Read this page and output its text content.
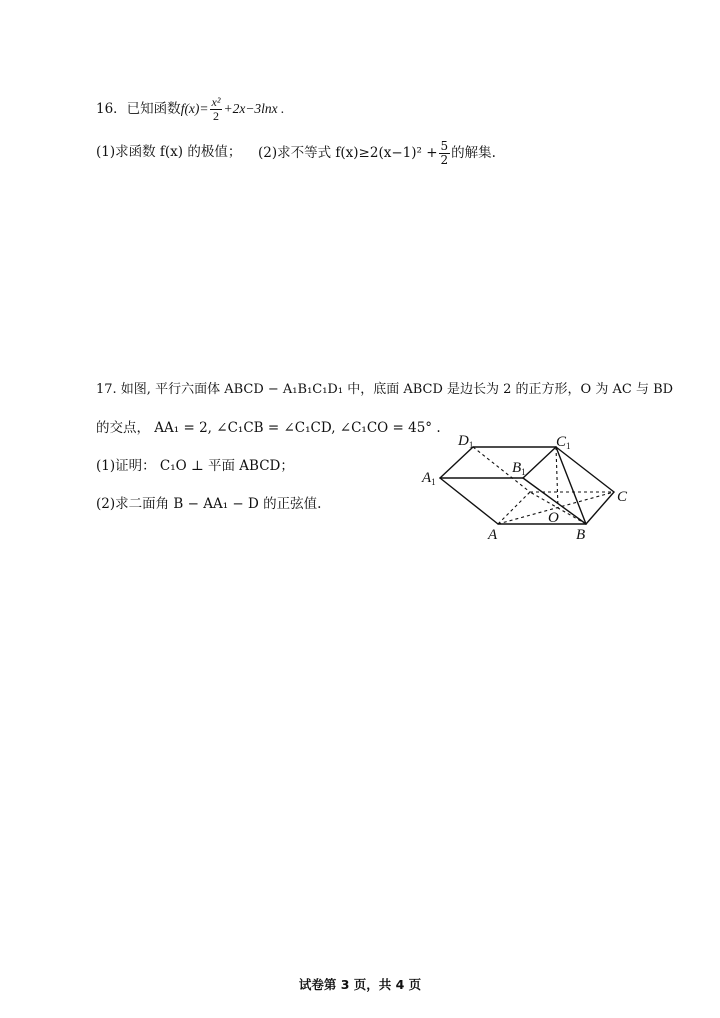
16．已知函数$f(x)= \frac{\text{x²}}{2} +2x-3\ln x$ .
(1)求函数 f(x) 的极值； (2)求不等式 $f(x)\ge 2(x-1)^2 + \frac{5}{2}$ 的解集.
17. 如图, 平行六面体 ABCD − A₁B₁C₁D₁ 中，底面 ABCD 是边长为 2 的正方形，O 为 AC 与 BD
的交点， AA₁ = 2, ∠C₁CB = ∠C₁CD, ∠C₁CO = 45° .
(1)证明： C₁O ⊥ 平面 ABCD；
(2)求二面角 B − AA₁ − D 的正弦值.
$D_1$	$C_1$
$A_1$
$B_1$
C
O
A	B
试卷第 3 页，共 4 页
